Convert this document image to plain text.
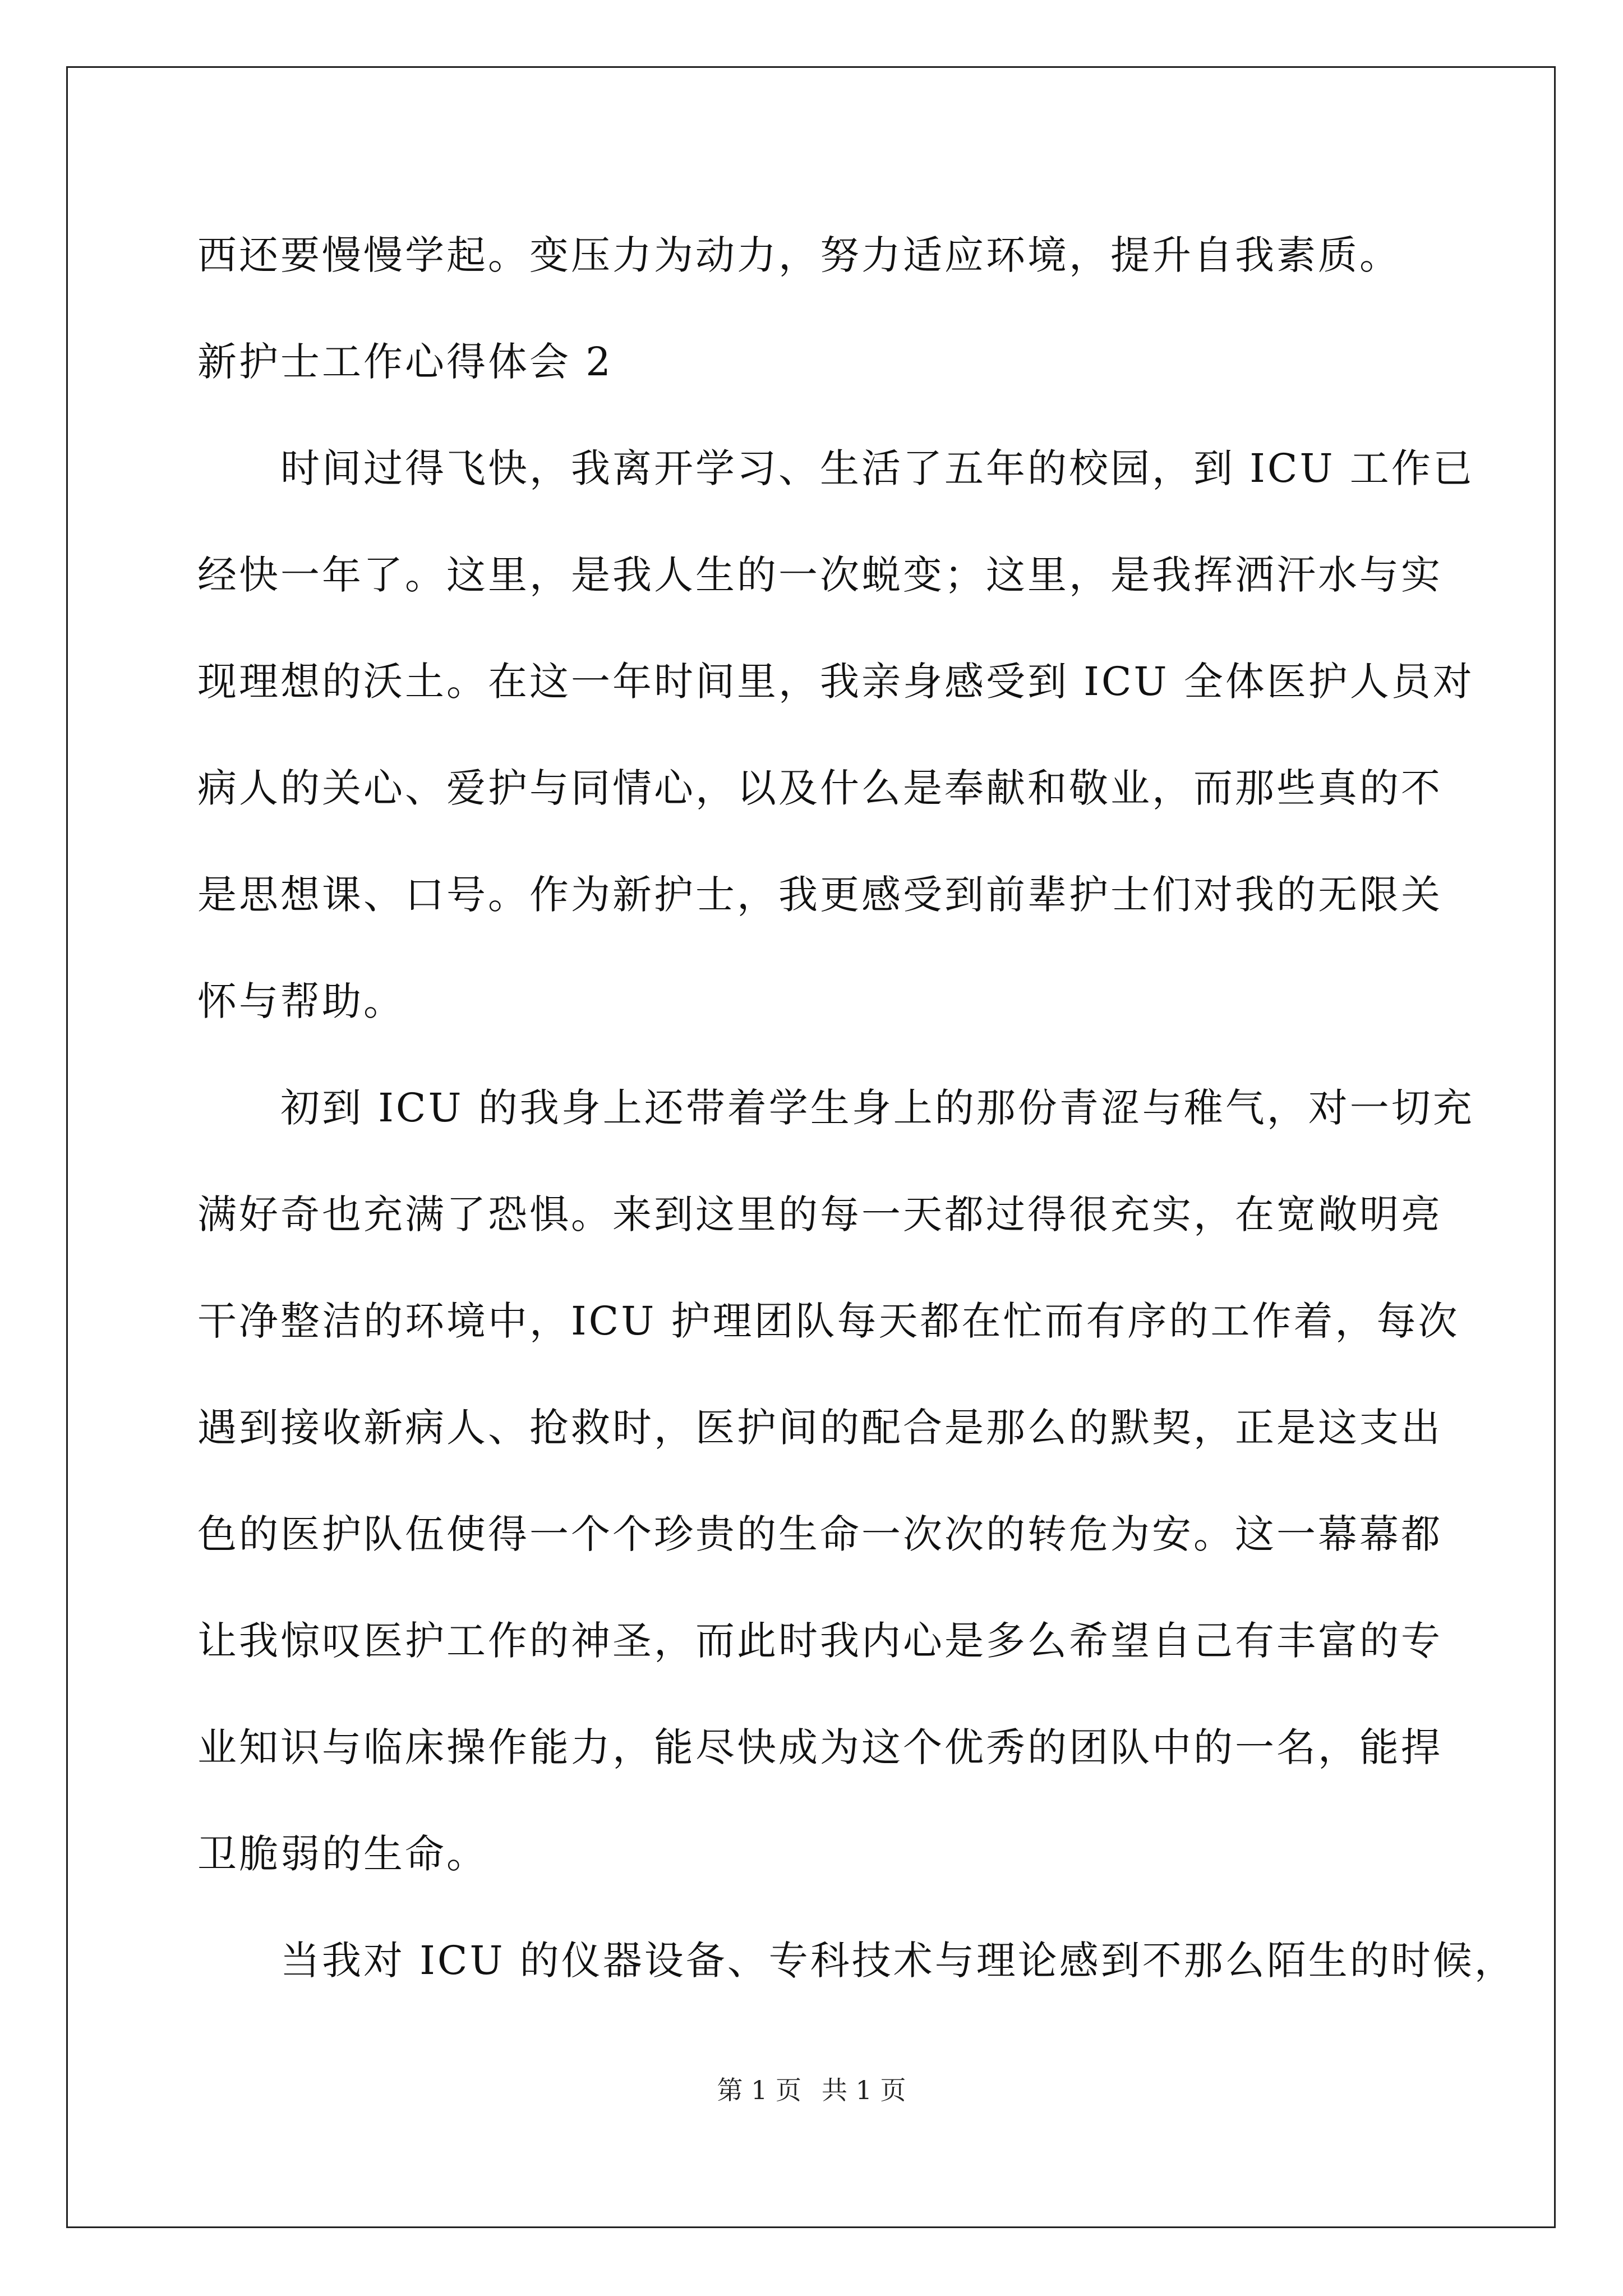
西还要慢慢学起。变压力为动力，努力适应环境，提升自我素质。
新护士工作心得体会 2
时间过得飞快，我离开学习、生活了五年的校园，到 ICU 工作已
经快一年了。这里，是我人生的一次蜕变；这里，是我挥洒汗水与实
现理想的沃土。在这一年时间里，我亲身感受到 ICU 全体医护人员对
病人的关心、爱护与同情心，以及什么是奉献和敬业，而那些真的不
是思想课、口号。作为新护士，我更感受到前辈护士们对我的无限关
怀与帮助。
初到 ICU 的我身上还带着学生身上的那份青涩与稚气，对一切充
满好奇也充满了恐惧。来到这里的每一天都过得很充实，在宽敞明亮
干净整洁的环境中，ICU 护理团队每天都在忙而有序的工作着，每次
遇到接收新病人、抢救时，医护间的配合是那么的默契，正是这支出
色的医护队伍使得一个个珍贵的生命一次次的转危为安。这一幕幕都
让我惊叹医护工作的神圣，而此时我内心是多么希望自己有丰富的专
业知识与临床操作能力，能尽快成为这个优秀的团队中的一名，能捍
卫脆弱的生命。
当我对 ICU 的仪器设备、专科技术与理论感到不那么陌生的时候，
第 1 页 共 1 页
